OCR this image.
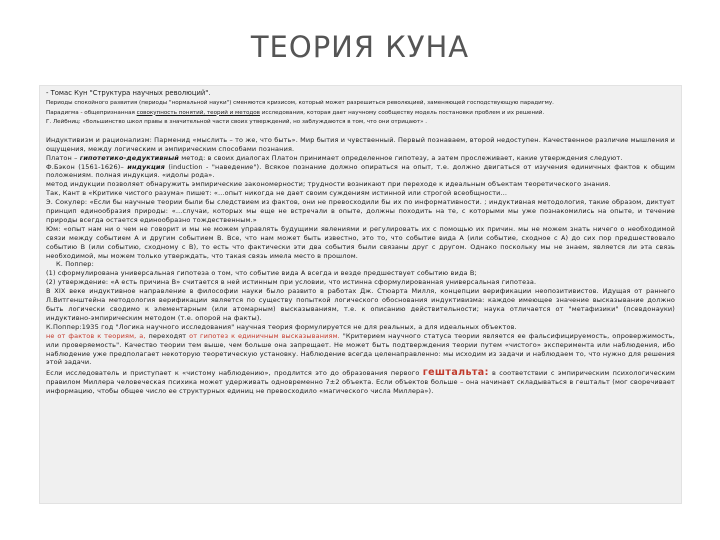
ТЕОРИЯ КУНА

- Томас Кун "Структура научных революций".

Периоды спокойного развития (периоды "нормальной науки") сменяются кризисом, который может разрешиться революцией, заменяющей господствующую парадигму.

Парадигма - общепризнанная совокупность понятий, теорий и методов исследования, которая дает научному сообществу модель постановки проблем и их решений.

Г. Лейбниц: «большинство школ правы в значительной части своих утверждений, но заблуждаются в том, что они отрицают» .

Индуктивизм и рационализм: Парменид «мыслить – то же, что быть». Мир бытия и чувственный. Первый познаваем, второй недоступен. Качественное различие мышления и ощущения, между логическим и эмпирическим способами познания.

Платон – гипотетико-дедуктивный метод: в своих диалогах Платон принимает определенное гипотезу, а затем прослеживает, какие утверждения следуют.

Ф.Бэкон (1561-1626)– индукция (induction - "наведение"). Всякое познание должно опираться на опыт, т.е. должно двигаться от изучения единичных фактов к общим положениям. полная индукция. «идолы рода».

метод индукции позволяет обнаружить эмпирические закономерности; трудности возникают при переходе к идеальным объектам теоретического знания.

Так, Кант в «Критике чистого разума» пишет: «…опыт никогда не дает своим суждениям истинной или строгой всеобщности…

Э. Сокулер: «Если бы научные теории были бы следствием из фактов, они не превосходили бы их по информативности. ; индуктивная методология, такие образом, диктует принцип единообразия природы: «…случаи, которых мы еще не встречали в опыте, должны походить на те, с которыми мы уже познакомились на опыте, и течение природы всегда остается единообразно тождественным.»

Юм: «опыт нам ни о чем не говорит и мы не можем управлять будущими явлениями и регулировать их с помощью их причин. мы не можем знать ничего о необходимой связи между событием А и другим событием В. Все, что нам может быть известно, это то, что событие вида А (или событие, сходное с А) до сих пор предшествовало событию В (или событию, сходному с В), то есть что фактически эти два события были связаны друг с другом. Однако поскольку мы не знаем, является ли эта связь необходимой, мы можем только утверждать, что такая связь имела место в прошлом.

К. Поппер:

(1) сформулирована универсальная гипотеза о том, что событие вида А всегда и везде предшествует событию вида В;

(2) утверждение: «А есть причина В» считается в ней истинным при условии, что истинна сформулированная универсальная гипотеза.

В XIX веке индуктивное направление в философии науки было развито в работах Дж. Стюарта Милля, концепции верификации неопозитивистов. Идущая от раннего Л.Витгенштейна методология верификации является по существу попыткой логического обоснования индуктивизма: каждое имеющее значение высказывание должно быть логически сводимо к элементарным (или атомарным) высказываниям, т.е. к описанию действительности; наука отличается от "метафизики" (псевдонауки) индуктивно-эмпирическим методом (т.е. опорой на факты).

К.Поппер:1935 год "Логика научного исследования" научная теория формулируется не для реальных, а для идеальных объектов.

не от фактов к теориям, а, переходят от гипотез к единичным высказываниям. "Критерием научного статуса теории является ее фальсифицируемость, опровержимость, или проверяемость". Качество теории тем выше, чем больше она запрещает. Не может быть подтверждения теории путем «чистого» эксперимента или наблюдения, ибо наблюдение уже предполагает некоторую теоретическую установку. Наблюдение всегда целенаправленно: мы исходим из задачи и наблюдаем то, что нужно для решения этой задачи.

Если исследователь и приступает к «чистому наблюдению», продлится это до образования первого гештальта: в соответствии с эмпирическим психологическим правилом Миллера человеческая психика может удерживать одновременно 7±2 объекта. Если объектов больше – она начинает складываться в гештальт (мог своречивает информацию, чтобы общее число ее структурных единиц не превосходило «магического числа Миллера»).
